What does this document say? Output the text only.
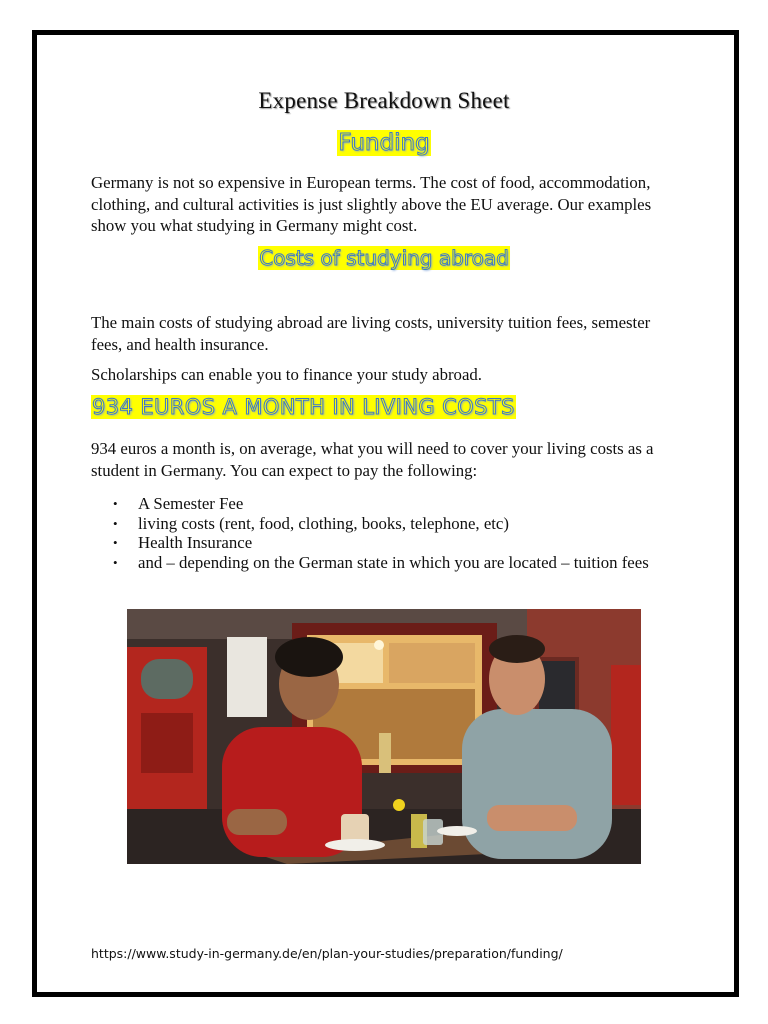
Expense Breakdown Sheet
Funding

Germany is not so expensive in European terms. The cost of food, accommodation, clothing, and cultural activities is just slightly above the EU average. Our examples show you what studying in Germany might cost.

Costs of studying abroad

The main costs of studying abroad are living costs, university tuition fees, semester fees, and health insurance.

Scholarships can enable you to finance your study abroad.

934 EUROS A MONTH IN LIVING COSTS

934 euros a month is, on average, what you will need to cover your living costs as a student in Germany. You can expect to pay the following:

• A Semester Fee
• living costs (rent, food, clothing, books, telephone, etc)
• Health Insurance
• and – depending on the German state in which you are located – tuition fees
https://www.study-in-germany.de/en/plan-your-studies/preparation/funding/
